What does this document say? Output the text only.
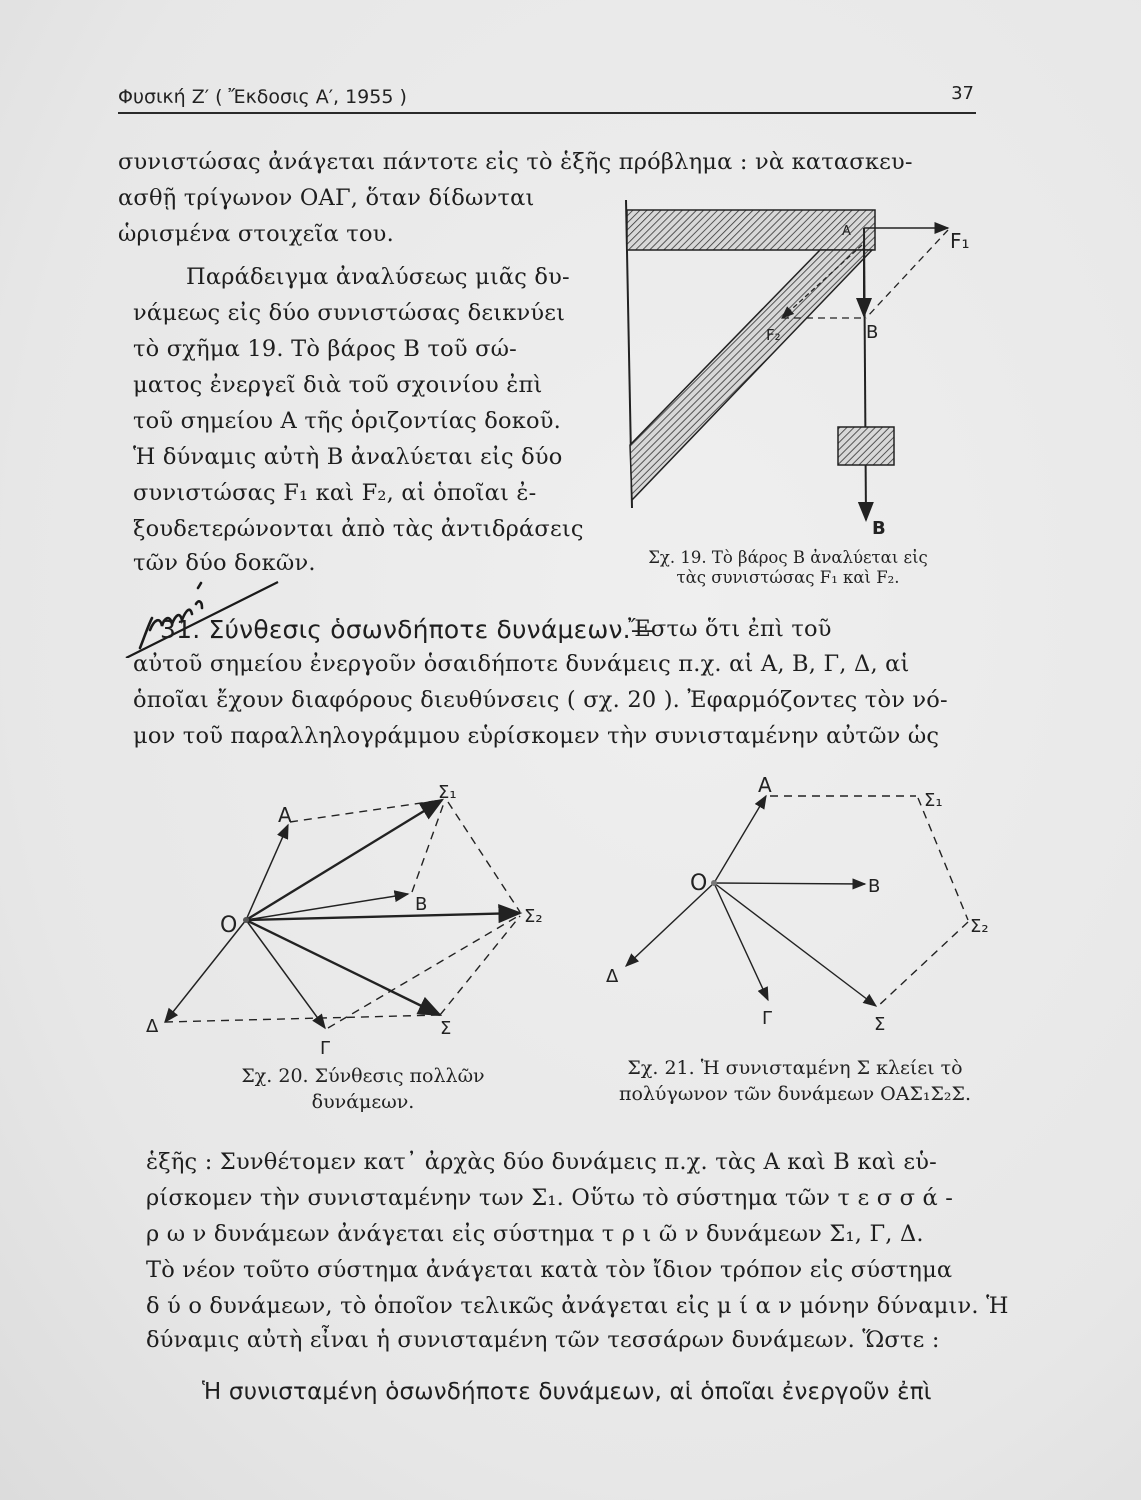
Φυσική Ζ′ ( Ἔκδοσις Α′, 1955 )	37
συνιστώσας ἀνάγεται πάντοτε εἰς τὸ ἑξῆς πρόβλημα : νὰ κατασκευ-
ασθῇ τρίγωνον ΟΑΓ, ὅταν δίδωνται
ὡρισμένα στοιχεῖα του.
Παράδειγμα ἀναλύσεως μιᾶς δυ-
νάμεως εἰς δύο συνιστώσας δεικνύει
τὸ σχῆμα 19. Τὸ βάρος Β τοῦ σώ-
ματος ἐνεργεῖ διὰ τοῦ σχοινίου ἐπὶ
τοῦ σημείου Α τῆς ὁριζοντίας δοκοῦ.
Ἡ δύναμις αὐτὴ Β ἀναλύεται εἰς δύο
συνιστώσας F₁ καὶ F₂, αἱ ὁποῖαι ἐ-
ξουδετερώνονται ἀπὸ τὰς ἀντιδράσεις
τῶν δύο δοκῶν.
A	F₁
F₂	B
B
Σχ. 19. Τὸ βάρος Β ἀναλύεται εἰς
τὰς συνιστώσας F₁ καὶ F₂.
Μιὰ
31. Σύνθεσις ὁσωνδήποτε δυνάμεων.—
Ἔστω ὅτι ἐπὶ τοῦ
αὐτοῦ σημείου ἐνεργοῦν ὁσαιδήποτε δυνάμεις π.χ. αἱ Α, Β, Γ, Δ, αἱ
ὁποῖαι ἔχουν διαφόρους διευθύνσεις ( σχ. 20 ). Ἐφαρμόζοντες τὸν νό-
μον τοῦ παραλληλογράμμου εὑρίσκομεν τὴν συνισταμένην αὐτῶν ὡς
O
A
B
Γ
Δ
Σ₁
Σ₂
Σ
Σχ. 20. Σύνθεσις πολλῶν
δυνάμεων.
O
A
B
Γ
Δ
Σ₁
Σ₂
Σ
Σχ. 21. Ἡ συνισταμένη Σ κλείει τὸ
πολύγωνον τῶν δυνάμεων ΟΑΣ₁Σ₂Σ.
ἑξῆς : Συνθέτομεν κατ᾽ ἀρχὰς δύο δυνάμεις π.χ. τὰς Α καὶ Β καὶ εὑ-
ρίσκομεν τὴν συνισταμένην των Σ₁. Οὕτω τὸ σύστημα τῶν τ ε σ σ ά -
ρ ω ν δυνάμεων ἀνάγεται εἰς σύστημα τ ρ ι ῶ ν δυνάμεων Σ₁, Γ, Δ.
Τὸ νέον τοῦτο σύστημα ἀνάγεται κατὰ τὸν ἴδιον τρόπον εἰς σύστημα
δ ύ ο δυνάμεων, τὸ ὁποῖον τελικῶς ἀνάγεται εἰς μ ί α ν μόνην δύναμιν. Ἡ
δύναμις αὐτὴ εἶναι ἡ συνισταμένη τῶν τεσσάρων δυνάμεων. Ὥστε :
Ἡ συνισταμένη ὁσωνδήποτε δυνάμεων, αἱ ὁποῖαι ἐνεργοῦν ἐπὶ
